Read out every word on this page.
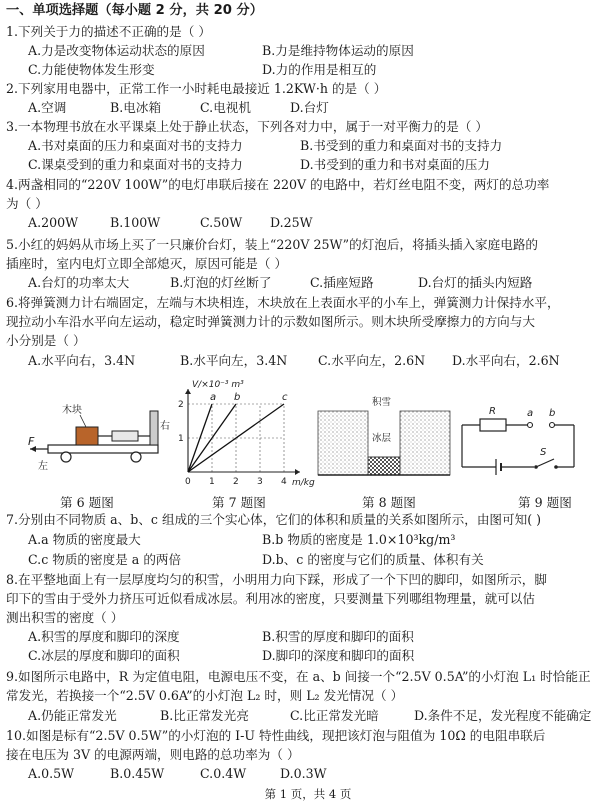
一、单项选择题（每小题 2 分，共 20 分）
1.下列关于力的描述不正确的是（ ）
A.力是改变物体运动状态的原因	B.力是维持物体运动的原因
C.力能使物体发生形变	D.力的作用是相互的
2.下列家用电器中，正常工作一小时耗电最接近 1.2KW·h 的是（ ）
A.空调	B.电冰箱	C.电视机	D.台灯
3.一本物理书放在水平课桌上处于静止状态，下列各对力中，属于一对平衡力的是（ ）
A.书对桌面的压力和桌面对书的支持力	B.书受到的重力和桌面对书的支持力
C.课桌受到的重力和桌面对书的支持力	D.书受到的重力和书对桌面的压力
4.两盏相同的“220V 100W”的电灯串联后接在 220V 的电路中，若灯丝电阻不变，两灯的总功率
为（ ）
A.200W	B.100W	C.50W D.25W
5.小红的妈妈从市场上买了一只廉价台灯，装上“220V 25W”的灯泡后，将插头插入家庭电路的
插座时，室内电灯立即全部熄灭，原因可能是（ ）
A.台灯的功率太大	B.灯泡的灯丝断了	C.插座短路	D.台灯的插头内短路
6.将弹簧测力计右端固定，左端与木块相连，木块放在上表面水平的小车上，弹簧测力计保持水平，
现拉动小车沿水平向左运动，稳定时弹簧测力计的示数如图所示。则木块所受摩擦力的方向与大
小分别是（ ）
A.水平向右，3.4N	B.水平向左，3.4N C.水平向左，2.6N D.水平向右，2.6N
木块
F
左
右
第 6 题图
a b	c
0 1 2 3 4
1
2
V/×10⁻³ m³
m/kg
第 7 题图
积雪
冰层
第 8 题图
R	a b
S
第 9 题图
7.分别由不同物质 a、b、c 组成的三个实心体，它们的体积和质量的关系如图所示，由图可知( )
A.a 物质的密度最大	B.b 物质的密度是 1.0×10³kg/m³
C.c 物质的密度是 a 的两倍	D.b、c 的密度与它们的质量、体积有关
8.在平整地面上有一层厚度均匀的积雪，小明用力向下踩，形成了一个下凹的脚印，如图所示，脚
印下的雪由于受外力挤压可近似看成冰层。利用冰的密度，只要测量下列哪组物理量，就可以估
测出积雪的密度（ ）
A.积雪的厚度和脚印的深度	B.积雪的厚度和脚印的面积
C.冰层的厚度和脚印的面积	D.脚印的深度和脚印的面积
9.如图所示电路中，R 为定值电阻，电源电压不变，在 a、b 间接一个“2.5V 0.5A”的小灯泡 L₁ 时恰能正
常发光，若换接一个“2.5V 0.6A”的小灯泡 L₂ 时，则 L₂ 发光情况（ ）
A.仍能正常发光	B.比正常发光亮	C.比正常发光暗	D.条件不足，发光程度不能确定
10.如图是标有“2.5V 0.5W”的小灯泡的 I-U 特性曲线，现把该灯泡与阻值为 10Ω 的电阻串联后
接在电压为 3V 的电源两端，则电路的总功率为（ ）
A.0.5W	B.0.45W	C.0.4W	D.0.3W
第 1 页，共 4 页
